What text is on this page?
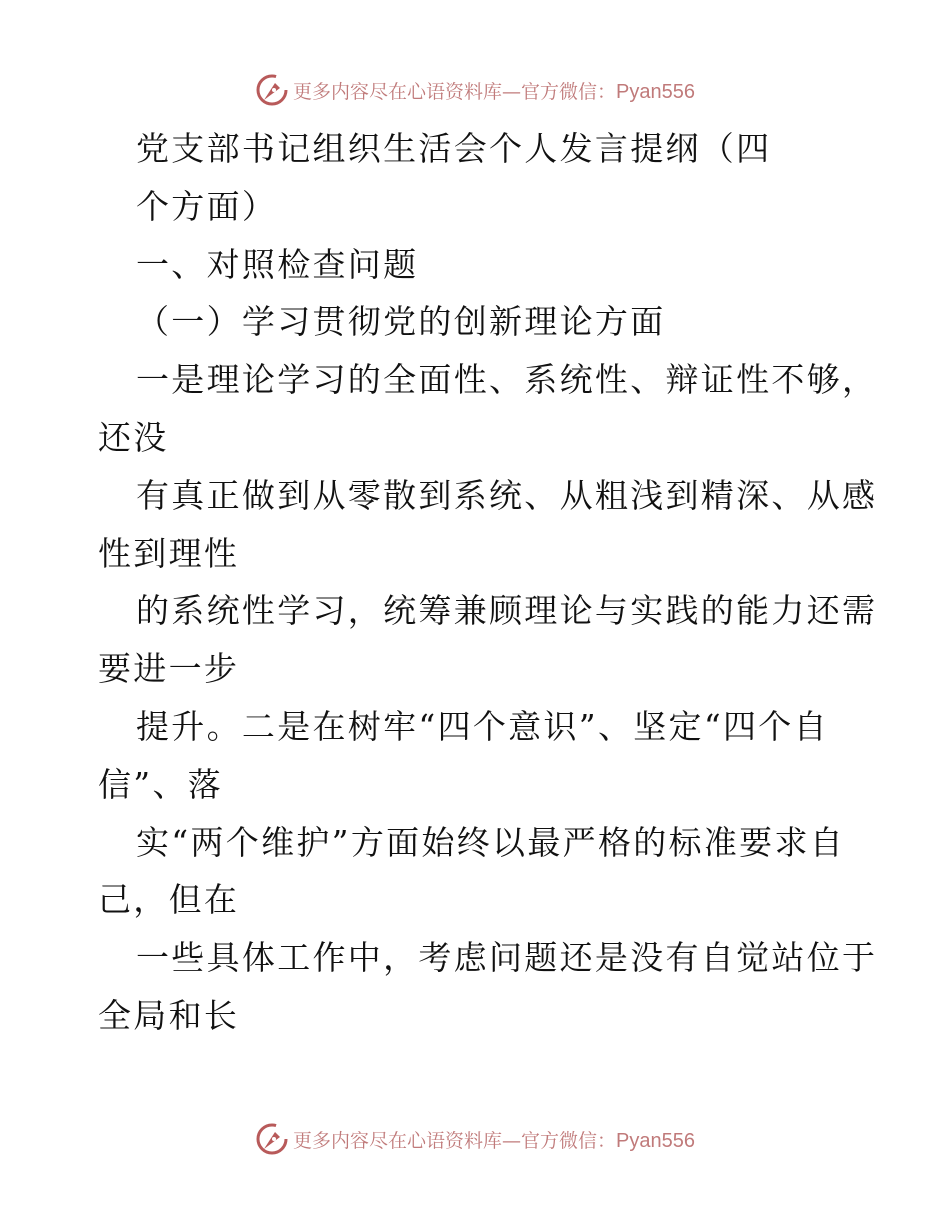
更多内容尽在心语资料库—官方微信：Pyan556
党支部书记组织生活会个人发言提纲（四
个方面）
一、对照检查问题
（一）学习贯彻党的创新理论方面
一是理论学习的全面性、系统性、辩证性不够，
还没
有真正做到从零散到系统、从粗浅到精深、从感
性到理性
的系统性学习，统筹兼顾理论与实践的能力还需
要进一步
提升。二是在树牢“四个意识”、坚定“四个自
信”、落
实“两个维护”方面始终以最严格的标准要求自
己，但在
一些具体工作中，考虑问题还是没有自觉站位于
全局和长
更多内容尽在心语资料库—官方微信：Pyan556
